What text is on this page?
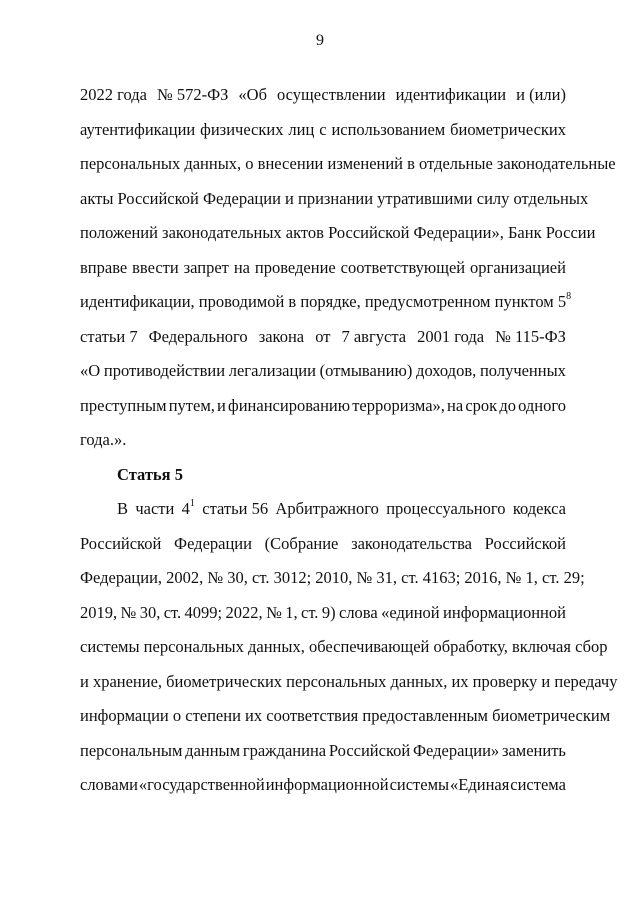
9
2022 года № 572-ФЗ «Об осуществлении идентификации и (или)
аутентификации физических лиц с использованием биометрических
персональных данных, о внесении изменений в отдельные законодательные
акты Российской Федерации и признании утратившими силу отдельных
положений законодательных актов Российской Федерации», Банк России
вправе ввести запрет на проведение соответствующей организацией
идентификации, проводимой в порядке, предусмотренном пунктом $5^8$
статьи 7 Федерального закона от 7 августа 2001 года № 115-ФЗ
«О противодействии легализации (отмыванию) доходов, полученных
преступным путем, и финансированию терроризма», на срок до одного
года.».
Статья 5
В части $4^1$ статьи 56 Арбитражного процессуального кодекса
Российской Федерации (Собрание законодательства Российской
Федерации, 2002, № 30, ст. 3012; 2010, № 31, ст. 4163; 2016, № 1, ст. 29;
2019, № 30, ст. 4099; 2022, № 1, ст. 9) слова «единой информационной
системы персональных данных, обеспечивающей обработку, включая сбор
и хранение, биометрических персональных данных, их проверку и передачу
информации о степени их соответствия предоставленным биометрическим
персональным данным гражданина Российской Федерации» заменить
словами «государственной информационной системы «Единая система
